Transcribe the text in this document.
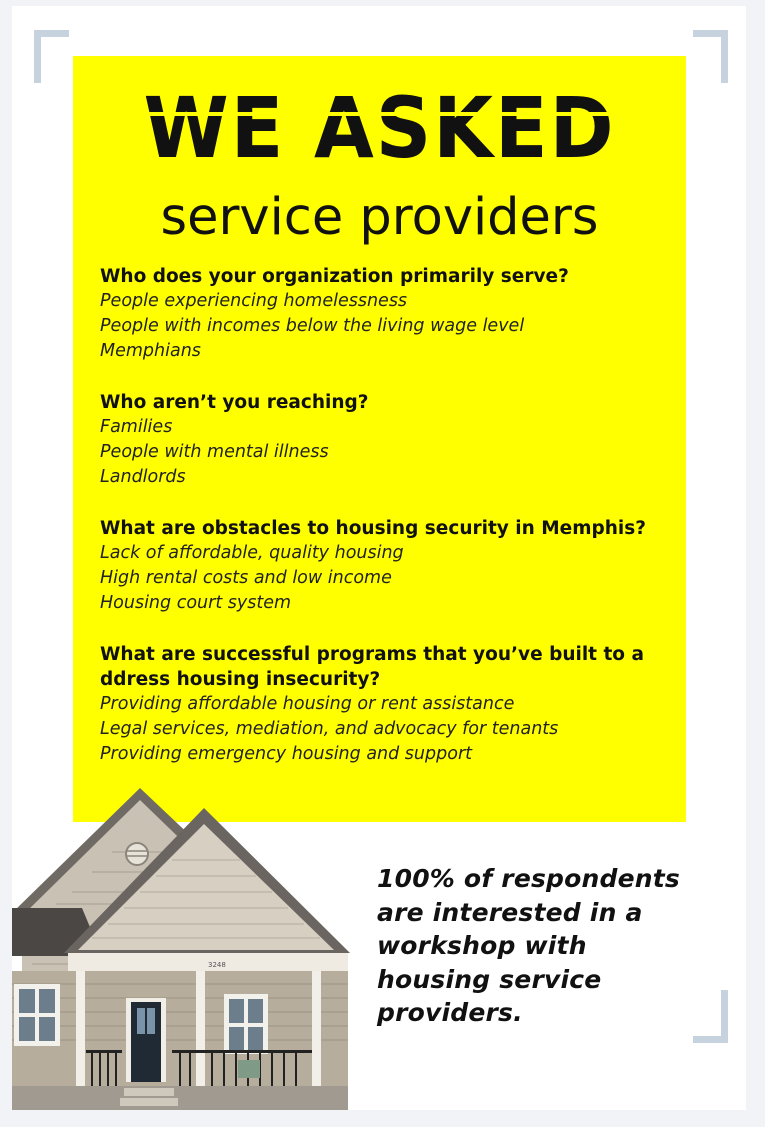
WE ASKED
service providers
Who does your organization primarily serve?
People experiencing homelessness
People with incomes below the living wage level
Memphians
Who aren’t you reaching?
Families
People with mental illness
Landlords
What are obstacles to housing security in Memphis?
Lack of affordable, quality housing
High rental costs and low income
Housing court system
What are successful programs that you’ve built to a ddress housing insecurity?
Providing affordable housing or rent assistance
Legal services, mediation, and advocacy for tenants
Providing emergency housing and support
3248
100% of respondents are interested in a workshop with housing service providers.
